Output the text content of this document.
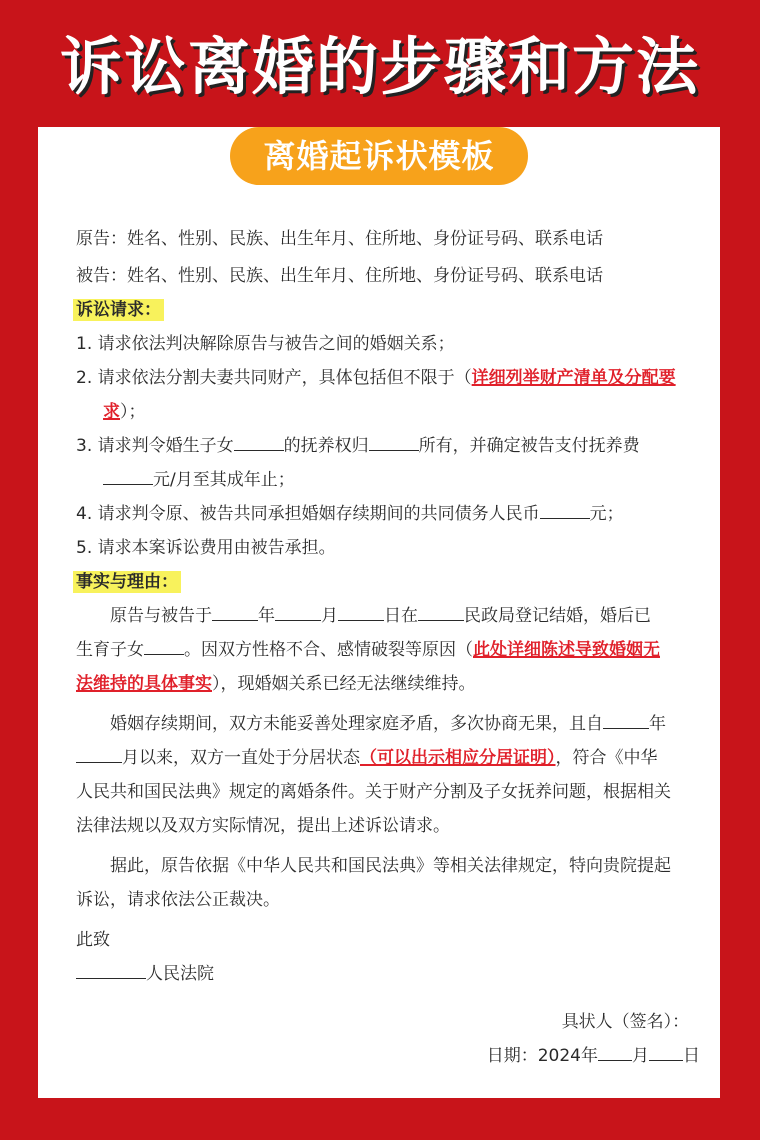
诉讼离婚的步骤和方法
离婚起诉状模板
原告：姓名、性别、民族、出生年月、住所地、身份证号码、联系电话
被告：姓名、性别、民族、出生年月、住所地、身份证号码、联系电话
诉讼请求：
1. 请求依法判决解除原告与被告之间的婚姻关系；
2. 请求依法分割夫妻共同财产，具体包括但不限于（详细列举财产清单及分配要
求）；
3. 请求判令婚生子女	的抚养权归	所有，并确定被告支付抚养费
元/月至其成年止；
4. 请求判令原、被告共同承担婚姻存续期间的共同债务人民币	元；
5. 请求本案诉讼费用由被告承担。
事实与理由：
原告与被告于	年	月	日在	民政局登记结婚，婚后已
生育子女 。因双方性格不合、感情破裂等原因（此处详细陈述导致婚姻无
法维持的具体事实），现婚姻关系已经无法继续维持。
婚姻存续期间，双方未能妥善处理家庭矛盾，多次协商无果，且自	年
月以来，双方一直处于分居状态（可以出示相应分居证明），符合《中华
人民共和国民法典》规定的离婚条件。关于财产分割及子女抚养问题，根据相关
法律法规以及双方实际情况，提出上述诉讼请求。
据此，原告依据《中华人民共和国民法典》等相关法律规定，特向贵院提起
诉讼，请求依法公正裁决。
此致
人民法院
具状人（签名）：
日期：2024年 月 日
